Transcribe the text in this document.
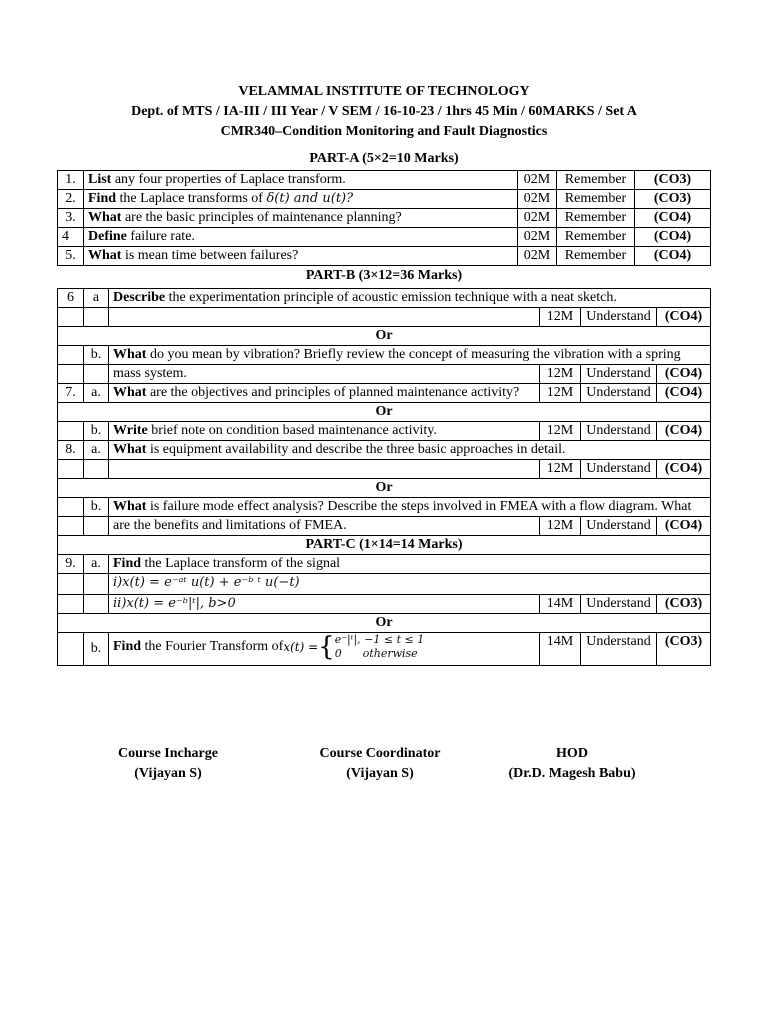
VELAMMAL INSTITUTE OF TECHNOLOGY
Dept. of MTS / IA-III / III Year / V SEM / 16-10-23 / 1hrs 45 Min / 60MARKS / Set A
CMR340–Condition Monitoring and Fault Diagnostics
PART-A (5×2=10 Marks)
1.	List any four properties of Laplace transform.	02M	Remember	(CO3)
2.	Find the Laplace transforms of δ(t) and u(t)?	02M	Remember	(CO3)
3.	What are the basic principles of maintenance planning?	02M	Remember	(CO4)
4	Define failure rate.	02M	Remember	(CO4)
5.	What is mean time between failures?	02M	Remember	(CO4)
PART-B (3×12=36 Marks)
6	a	Describe the experimentation principle of acoustic emission technique with a neat sketch.			
			12M	Understand	(CO4)
Or					
	b.	What do you mean by vibration? Briefly review the concept of measuring the vibration with a spring			
		mass system.	12M	Understand	(CO4)
7.	a.	What are the objectives and principles of planned maintenance activity?	12M	Understand	(CO4)
Or					
	b.	Write brief note on condition based maintenance activity.	12M	Understand	(CO4)
8.	a.	What is equipment availability and describe the three basic approaches in detail.			
			12M	Understand	(CO4)
Or					
	b.	What is failure mode effect analysis? Describe the steps involved in FMEA with a flow diagram. What			
		are the benefits and limitations of FMEA.	12M	Understand	(CO4)
PART-C (1×14=14 Marks)					
9.	a.	Find the Laplace transform of the signal			
		i)x(t) = e⁻ᵃᵗ u(t) + e⁻ᵇ ᵗ u(−t)			
		ii)x(t) = e⁻ᵇ|ᵗ|, b>0	14M	Understand	(CO3)
Or					
	b.	Find the Fourier Transform ofx(t) ={e⁻|ᵗ|, −1 ≤ t ≤ 1
0      otherwise	14M	Understand	(CO3)
Course Incharge
(Vijayan S)
Course Coordinator
(Vijayan S)
HOD
(Dr.D. Magesh Babu)
